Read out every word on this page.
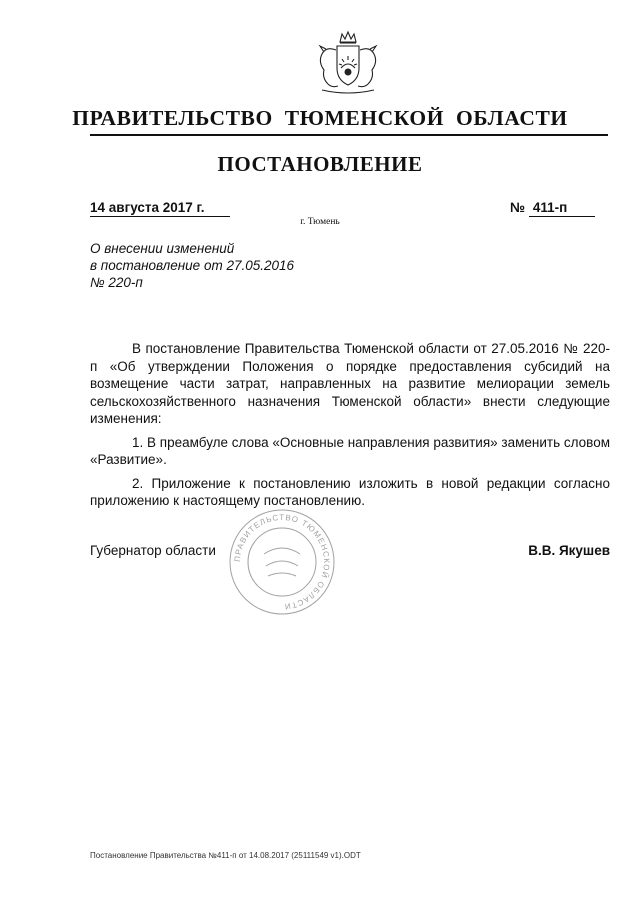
ПРАВИТЕЛЬСТВО ТЮМЕНСКОЙ ОБЛАСТИ
ПОСТАНОВЛЕНИЕ
14 августа 2017 г.	№ 411-п
г. Тюмень
О внесении изменений
в постановление от 27.05.2016
№ 220-п

В постановление Правительства Тюменской области от 27.05.2016 № 220-п «Об утверждении Положения о порядке предоставления субсидий на возмещение части затрат, направленных на развитие мелиорации земель сельскохозяйственного назначения Тюменской области» внести следующие изменения:

1. В преамбуле слова «Основные направления развития» заменить словом «Развитие».

2. Приложение к постановлению изложить в новой редакции согласно приложению к настоящему постановлению.

ПРАВИТЕЛЬСТВО ТЮМЕНСКОЙ ОБЛАСТИ
Губернатор области	В.В. Якушев
Постановление Правительства №411-п от 14.08.2017 (25111549 v1).ODT
